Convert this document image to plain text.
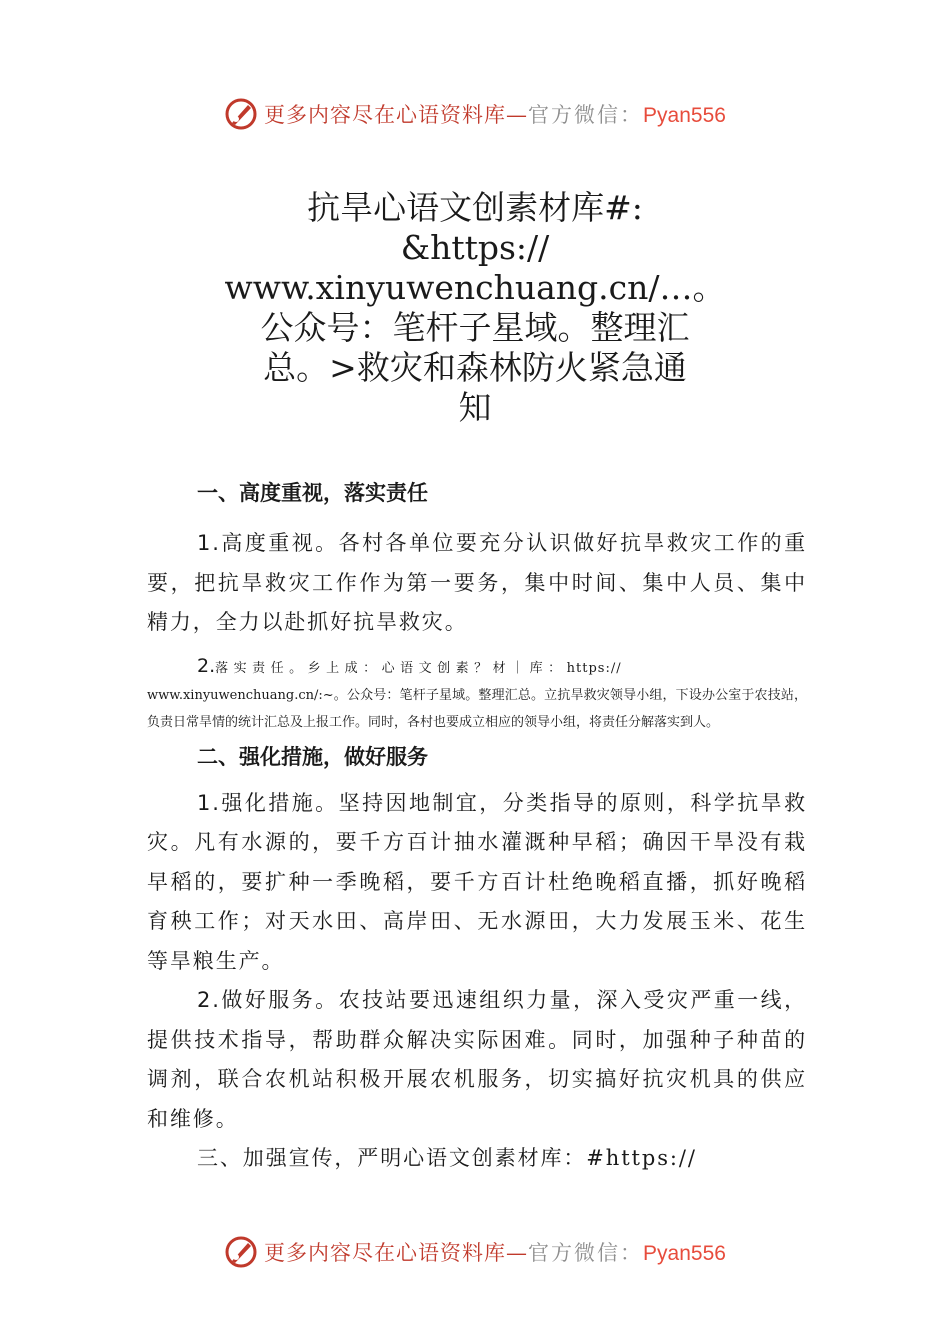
更多内容尽在心语资料库—官方微信：Pyan556
抗旱心语文创素材库#:
&https://
www.xinyuwenchuang.cn/…。
公众号：笔杆子星域。整理汇
总。>救灾和森林防火紧急通
知
一、高度重视，落实责任

1.高度重视。各村各单位要充分认识做好抗旱救灾工作的重要，把抗旱救灾工作作为第一要务，集中时间、集中人员、集中精力，全力以赴抓好抗旱救灾。

2.落实责任。乡上成：心语文创素？材｜库：https://
www.xinyuwenchuang.cn/:~。公众号：笔杆子星域。整理汇总。立抗旱救灾领导小组，下设办公室于农技站，负责日常旱情的统计汇总及上报工作。同时，各村也要成立相应的领导小组，将责任分解落实到人。

二、强化措施，做好服务

1.强化措施。坚持因地制宜，分类指导的原则，科学抗旱救灾。凡有水源的，要千方百计抽水灌溉种早稻；确因干旱没有栽早稻的，要扩种一季晚稻，要千方百计杜绝晚稻直播，抓好晚稻育秧工作；对天水田、高岸田、无水源田，大力发展玉米、花生等旱粮生产。

2.做好服务。农技站要迅速组织力量，深入受灾严重一线，提供技术指导，帮助群众解决实际困难。同时，加强种子种苗的调剂，联合农机站积极开展农机服务，切实搞好抗灾机具的供应和维修。

三、加强宣传，严明心语文创素材库：#https://

更多内容尽在心语资料库—官方微信：Pyan556
